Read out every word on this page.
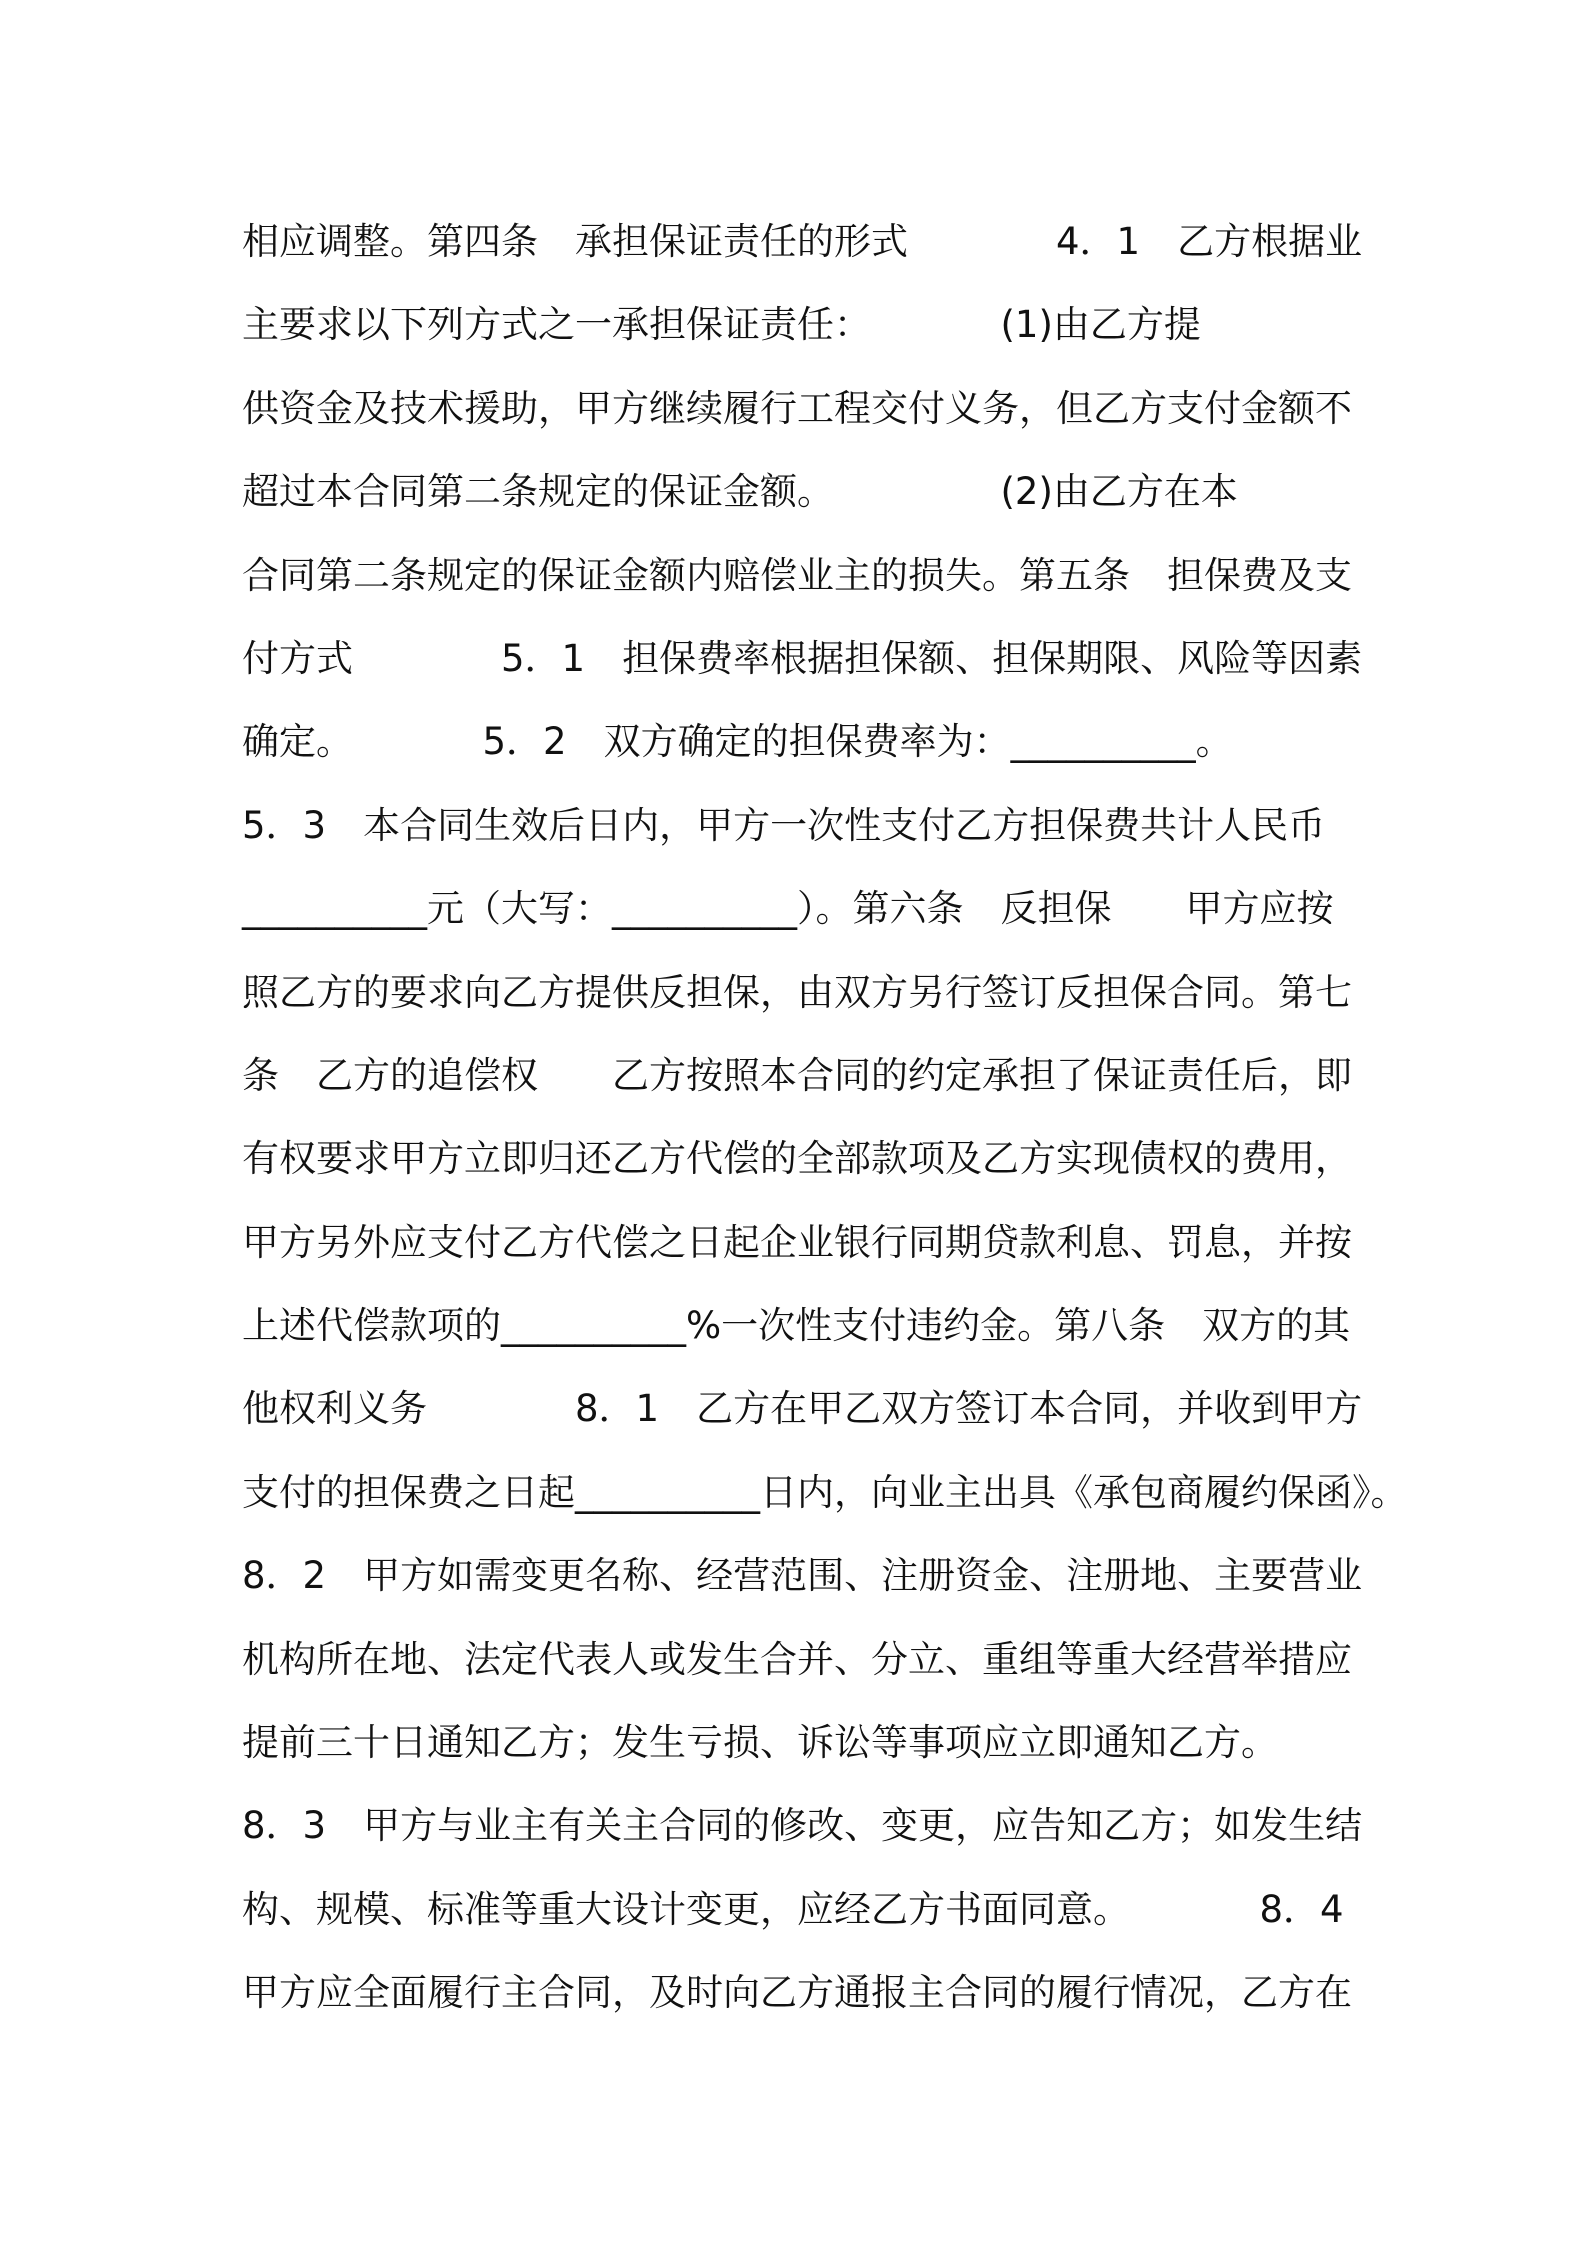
相应调整。第四条　承担保证责任的形式　　　　4．1　乙方根据业
主要求以下列方式之一承担保证责任：　　　　(1)由乙方提
供资金及技术援助，甲方继续履行工程交付义务，但乙方支付金额不
超过本合同第二条规定的保证金额。　　　　　(2)由乙方在本
合同第二条规定的保证金额内赔偿业主的损失。第五条　担保费及支
付方式　　　　5．1　担保费率根据担保额、担保期限、风险等因素
确定。　　　　5．2　双方确定的担保费率为：__________。
5．3　本合同生效后日内，甲方一次性支付乙方担保费共计人民币
__________元（大写：__________）。第六条　反担保　　甲方应按
照乙方的要求向乙方提供反担保，由双方另行签订反担保合同。第七
条　乙方的追偿权　　乙方按照本合同的约定承担了保证责任后，即
有权要求甲方立即归还乙方代偿的全部款项及乙方实现债权的费用，
甲方另外应支付乙方代偿之日起企业银行同期贷款利息、罚息，并按
上述代偿款项的__________%一次性支付违约金。第八条　双方的其
他权利义务　　　　8．1　乙方在甲乙双方签订本合同，并收到甲方
支付的担保费之日起__________日内，向业主出具《承包商履约保函》。
8．2　甲方如需变更名称、经营范围、注册资金、注册地、主要营业
机构所在地、法定代表人或发生合并、分立、重组等重大经营举措应
提前三十日通知乙方；发生亏损、诉讼等事项应立即通知乙方。
8．3　甲方与业主有关主合同的修改、变更，应告知乙方；如发生结
构、规模、标准等重大设计变更，应经乙方书面同意。　　　　8．4
甲方应全面履行主合同，及时向乙方通报主合同的履行情况，乙方在
